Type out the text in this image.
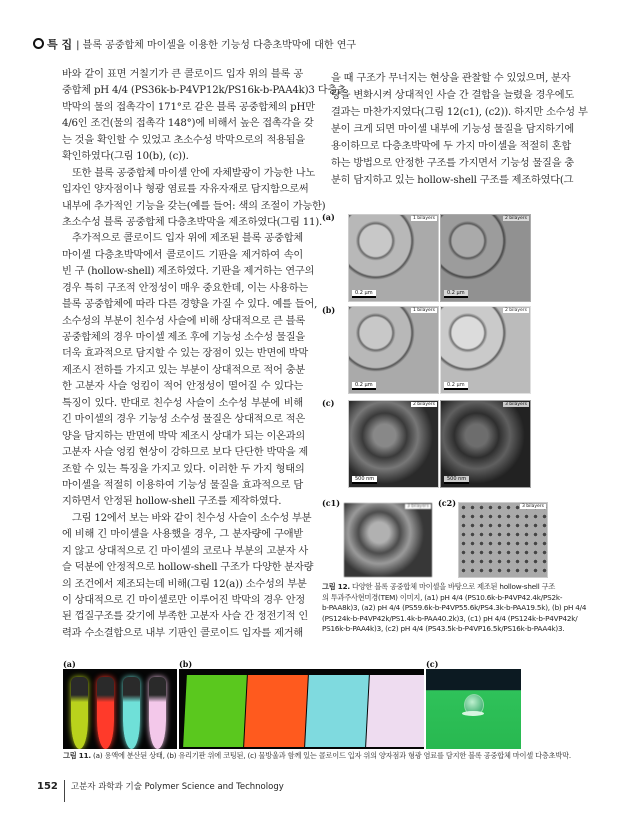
특 집 | 블록 공중합체 마이셀을 이용한 기능성 다층초박막에 대한 연구
바와 같이 표면 거칠기가 큰 콜로이드 입자 위의 블록 공
중합체 pH 4/4 (PS36k-b-P4VP12k/PS16k-b-PAA4k)3 다층초
박막의 물의 접촉각이 171°로 같은 블록 공중합체의 pH만
4/6인 조건(물의 접촉각 148°)에 비해서 높은 접촉각을 갖
는 것을 확인할 수 있었고 초소수성 박막으로의 적용됨을
확인하였다(그림 10(b), (c)).
또한 블록 공중합체 마이셀 안에 자체발광이 가능한 나노
입자인 양자점이나 형광 염료를 자유자재로 담지함으로써
내부에 추가적인 기능을 갖는(예를 들어: 색의 조절이 가능한)
초소수성 블록 공중합체 다층초박막을 제조하였다(그림 11).
추가적으로 콜로이드 입자 위에 제조된 블록 공중합체
마이셀 다층초박막에서 콜로이드 기판을 제거하여 속이
빈 구 (hollow-shell) 제조하였다. 기판을 제거하는 연구의
경우 특히 구조적 안정성이 매우 중요한데, 이는 사용하는
블록 공중합체에 따라 다른 경향을 가질 수 있다. 예를 들어,
소수성의 부분이 친수성 사슬에 비해 상대적으로 큰 블록
공중합체의 경우 마이셀 제조 후에 기능성 소수성 물질을
더욱 효과적으로 담지할 수 있는 장점이 있는 반면에 박막
제조시 전하를 가지고 있는 부분이 상대적으로 적어 충분
한 고분자 사슬 엉킴이 적어 안정성이 떨어질 수 있다는
특징이 있다. 반대로 친수성 사슬이 소수성 부분에 비해
긴 마이셀의 경우 기능성 소수성 물질은 상대적으로 적은
양을 담지하는 반면에 박막 제조시 상대가 되는 이온과의
고분자 사슬 엉킴 현상이 강하므로 보다 단단한 박막을 제
조할 수 있는 특징을 가지고 있다. 이러한 두 가지 형태의
마이셀을 적절히 이용하여 기능성 물질을 효과적으로 담
지하면서 안정된 hollow-shell 구조를 제작하였다.
그림 12에서 보는 바와 같이 친수성 사슬이 소수성 부분
에 비해 긴 마이셀을 사용했을 경우, 그 분자량에 구애받
지 않고 상대적으로 긴 마이셀의 코로나 부분의 고분자 사
슬 덕분에 안정적으로 hollow-shell 구조가 다양한 분자량
의 조건에서 제조되는데 비해(그림 12(a)) 소수성의 부분
이 상대적으로 긴 마이셀로만 이루어진 박막의 경우 안정
된 껍질구조를 갖기에 부족한 고분자 사슬 간 정전기적 인
력과 수소결합으로 내부 기판인 콜로이드 입자를 제거해
을 때 구조가 무너지는 현상을 관찰할 수 있었으며, 분자
량을 변화시켜 상대적인 사슬 간 결합을 늘렸을 경우에도
결과는 마찬가지였다(그림 12(c1), (c2)). 하지만 소수성 부
분이 크게 되면 마이셀 내부에 기능성 물질을 담지하기에
용이하므로 다층초박막에 두 가지 마이셀을 적절히 혼합
하는 방법으로 안정한 구조를 가지면서 기능성 물질을 충
분히 담지하고 있는 hollow-shell 구조를 제조하였다(그
(a)	1 bilayers
0.2 μm
2 bilayers
0.2 μm
(b)	1 bilayers
0.2 μm
2 bilayers
0.2 μm
(c)	2 bilayers
500 nm
3 bilayers
500 nm
(c1)	3 bilayers (c2)	3 bilayers
그림 12. 다양한 블록 공중합체 마이셀을 바탕으로 제조된 hollow-shell 구조
의 투과주사현미경(TEM) 이미지, (a1) pH 4/4 (PS10.6k-b-P4VP42.4k/PS2k-
b-PAA8k)3, (a2) pH 4/4 (PS59.6k-b-P4VP55.6k/PS4.3k-b-PAA19.5k), (b) pH 4/4
(PS124k-b-P4VP42k/PS1.4k-b-PAA40.2k)3, (c1) pH 4/4 (PS124k-b-P4VP42k/
PS16k-b-PAA4k)3, (c2) pH 4/4 (PS43.5k-b-P4VP16.5k/PS16k-b-PAA4k)3.
(a)	(b)	(c)
그림 11. (a) 용액에 분산된 상태, (b) 유리기판 위에 코팅된, (c) 물방울과 함께 있는 콜로이드 입자 위의 양자점과 형광 염료를 담지한 블록 공중합체 마이셀 다층초박막.
152 고분자 과학과 기술 Polymer Science and Technology
